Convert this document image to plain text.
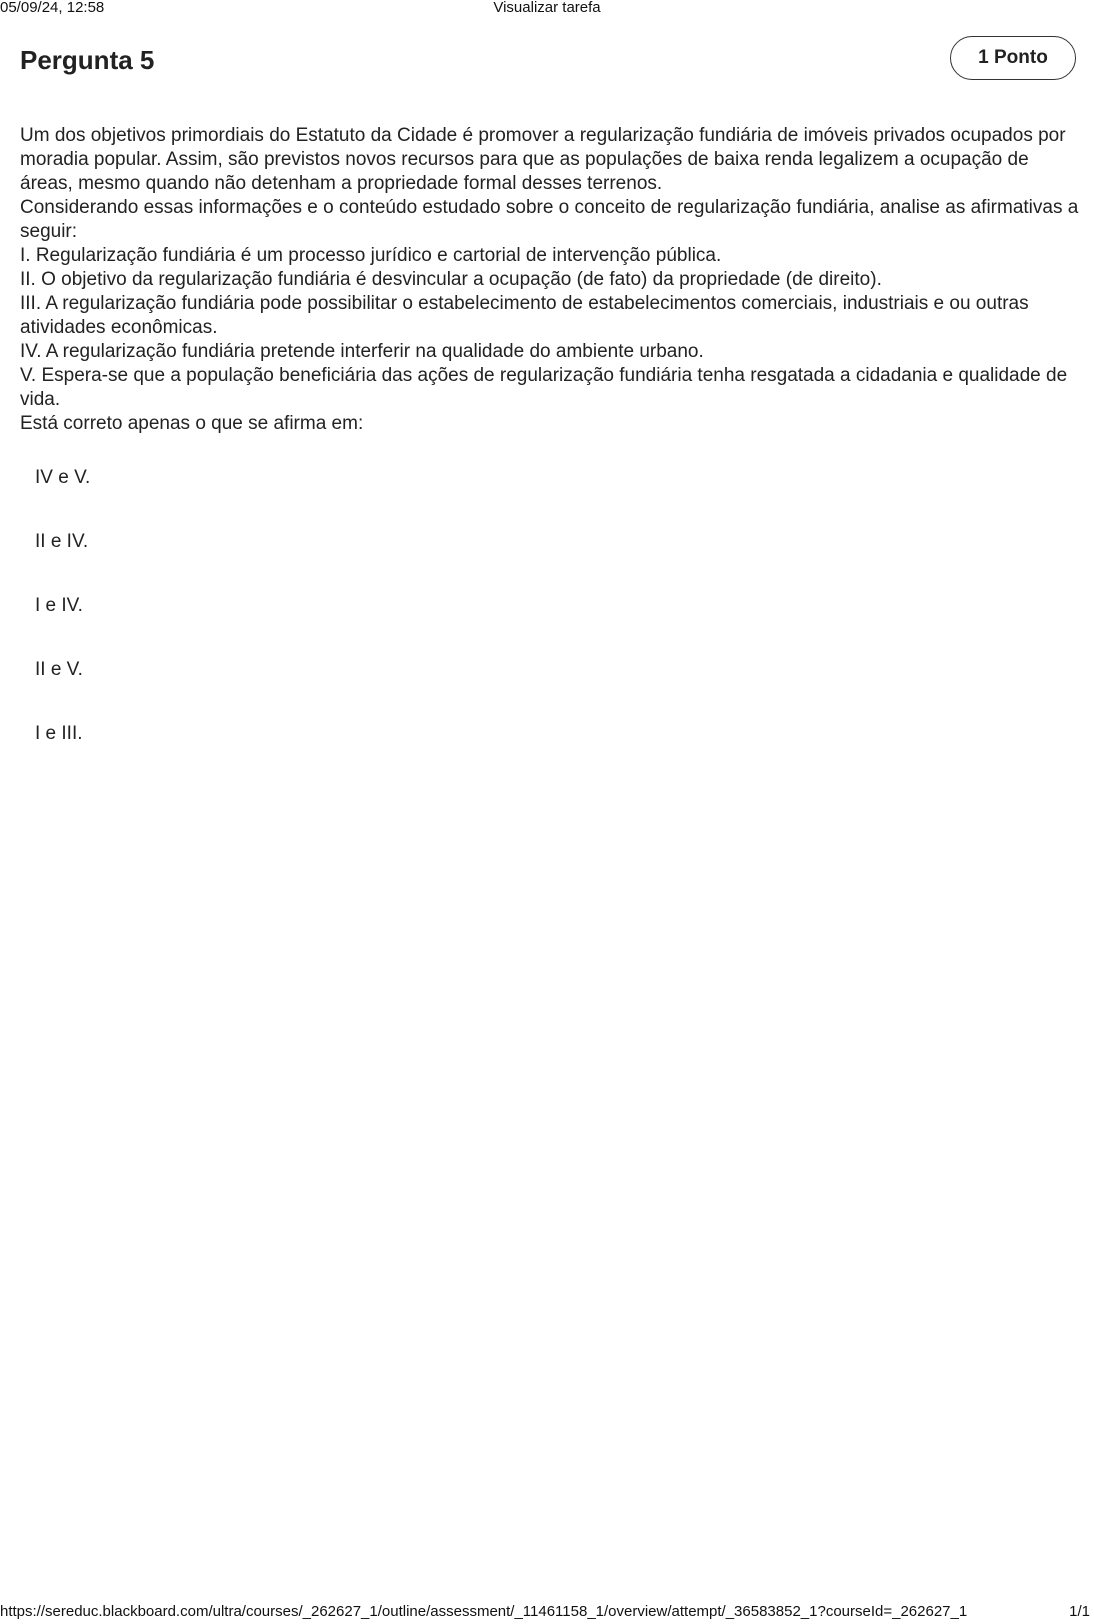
05/09/24, 12:58	Visualizar tarefa
Pergunta 5	1 Ponto

Um dos objetivos primordiais do Estatuto da Cidade é promover a regularização fundiária de imóveis privados ocupados por moradia popular. Assim, são previstos novos recursos para que as populações de baixa renda legalizem a ocupação de áreas, mesmo quando não detenham a propriedade formal desses terrenos.

Considerando essas informações e o conteúdo estudado sobre o conceito de regularização fundiária, analise as afirmativas a seguir:

I. Regularização fundiária é um processo jurídico e cartorial de intervenção pública.

II. O objetivo da regularização fundiária é desvincular a ocupação (de fato) da propriedade (de direito).

III. A regularização fundiária pode possibilitar o estabelecimento de estabelecimentos comerciais, industriais e ou outras atividades econômicas.

IV. A regularização fundiária pretende interferir na qualidade do ambiente urbano.

V. Espera-se que a população beneficiária das ações de regularização fundiária tenha resgatada a cidadania e qualidade de vida.

Está correto apenas o que se afirma em:

IV e V.
II e IV.
I e IV.
II e V.
I e III.
https://sereduc.blackboard.com/ultra/courses/_262627_1/outline/assessment/_11461158_1/overview/attempt/_36583852_1?courseId=_262627_1	1/1
